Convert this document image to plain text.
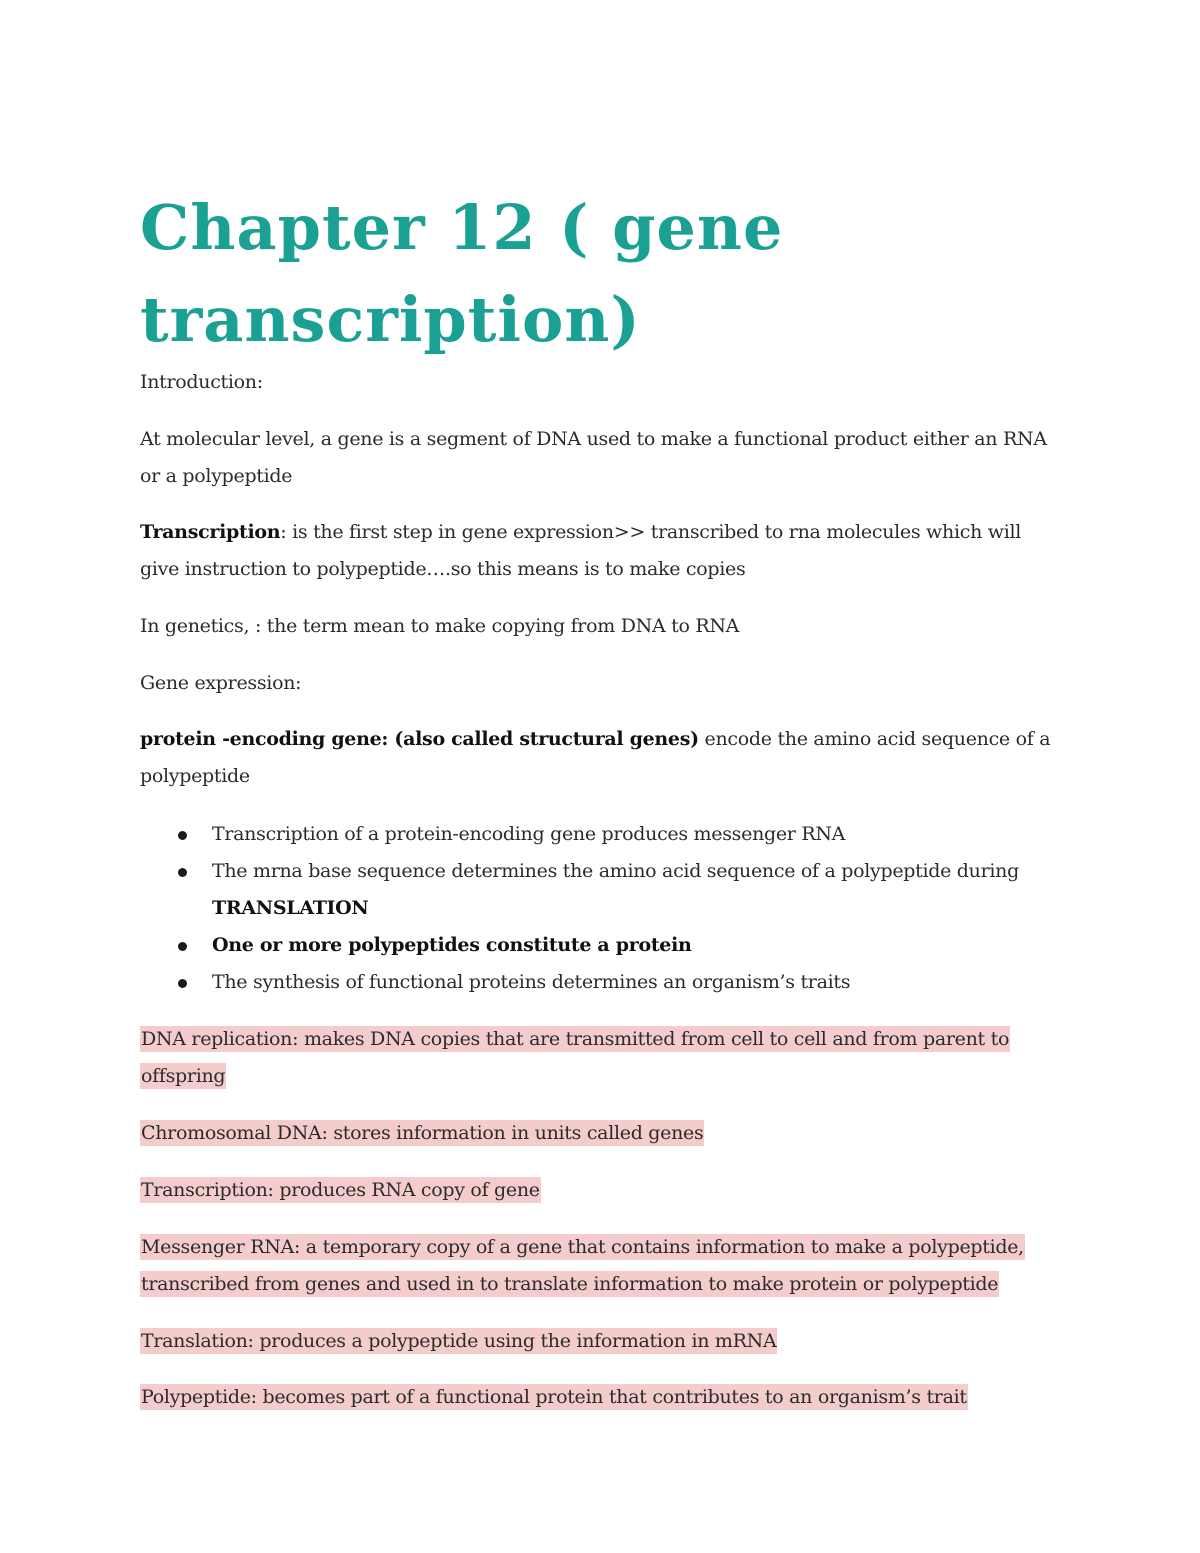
Chapter 12 ( gene
transcription)

Introduction:

At molecular level, a gene is a segment of DNA used to make a functional product either an RNA
or a polypeptide

Transcription: is the first step in gene expression>> transcribed to rna molecules which will
give instruction to polypeptide….so this means is to make copies

In genetics, : the term mean to make copying from DNA to RNA

Gene expression:

protein -encoding gene: (also called structural genes) encode the amino acid sequence of a
polypeptide

Transcription of a protein-encoding gene produces messenger RNA
The mrna base sequence determines the amino acid sequence of a polypeptide during
TRANSLATION
One or more polypeptides constitute a protein
The synthesis of functional proteins determines an organism’s traits

DNA replication: makes DNA copies that are transmitted from cell to cell and from parent to
offspring

Chromosomal DNA: stores information in units called genes

Transcription: produces RNA copy of gene

Messenger RNA: a temporary copy of a gene that contains information to make a polypeptide,
transcribed from genes and used in to translate information to make protein or polypeptide

Translation: produces a polypeptide using the information in mRNA

Polypeptide: becomes part of a functional protein that contributes to an organism’s trait
